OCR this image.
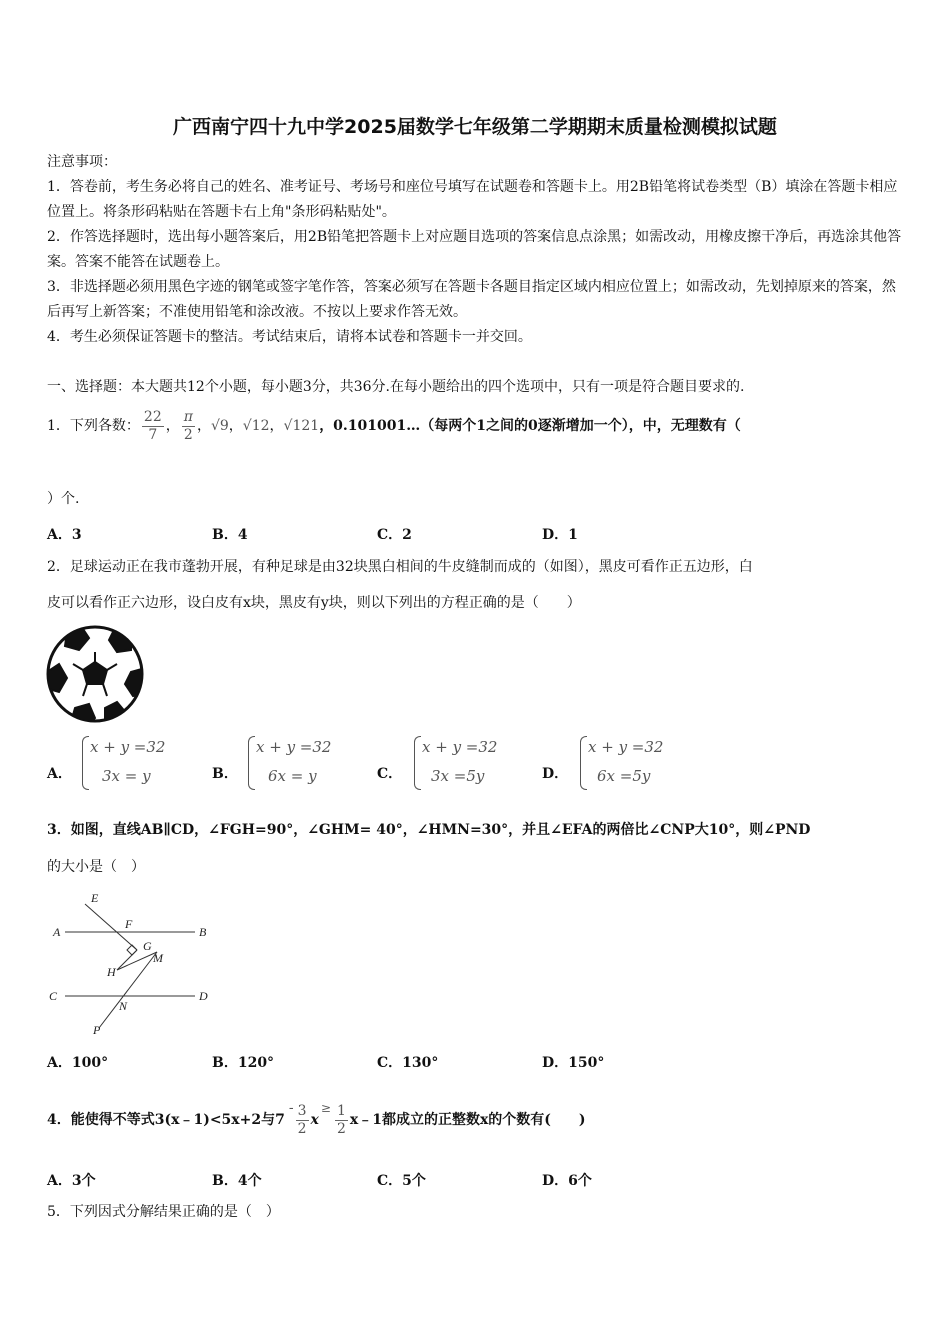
广西南宁四十九中学2025届数学七年级第二学期期末质量检测模拟试题

注意事项：

1．答卷前，考生务必将自己的姓名、准考证号、考场号和座位号填写在试题卷和答题卡上。用2B铅笔将试卷类型（B）填涂在答题卡相应位置上。将条形码粘贴在答题卡右上角"条形码粘贴处"。

2．作答选择题时，选出每小题答案后，用2B铅笔把答题卡上对应题目选项的答案信息点涂黑；如需改动，用橡皮擦干净后，再选涂其他答案。答案不能答在试题卷上。

3．非选择题必须用黑色字迹的钢笔或签字笔作答，答案必须写在答题卡各题目指定区域内相应位置上；如需改动，先划掉原来的答案，然后再写上新答案；不准使用铅笔和涂改液。不按以上要求作答无效。

4．考生必须保证答题卡的整洁。考试结束后，请将本试卷和答题卡一并交回。

一、选择题：本大题共12个小题，每小题3分，共36分.在每小题给出的四个选项中，只有一项是符合题目要求的.
1．下列各数： $\frac{22}{7}$ ， $\frac{\pi}{2}$ ， √9 ， √12 ， √121 ，0.101001…（每两个1之间的0逐渐增加一个），中，无理数有（
）个.
A．3	B．4	C．2	D．1
2．足球运动正在我市蓬勃开展，有种足球是由32块黑白相间的牛皮缝制而成的（如图），黑皮可看作正五边形，白
皮可以看作正六边形，设白皮有x块，黑皮有y块，则以下列出的方程正确的是（　　）
A．
x + y =32
3x = y	B．
x + y =32
6x = y	C．
x + y =32
3x =5y	D．
x + y =32
6x =5y
3．如图，直线AB∥CD，∠FGH=90°，∠GHM= 40°，∠HMN=30°，并且∠EFA的两倍比∠CNP大10°，则∠PND
的大小是（　）
E
F
A	B
G
M
H
C
N
D
P
A．100°	B．120°	C．130°	D．150°
4．能使得不等式3(x﹣1)<5x+2与7
- $\frac{3}{2}$ x
≥ $\frac{1}{2}$ x﹣1都成立的正整数x的个数有(　　)
A．3个	B．4个	C．5个	D．6个
5．下列因式分解结果正确的是（　）
